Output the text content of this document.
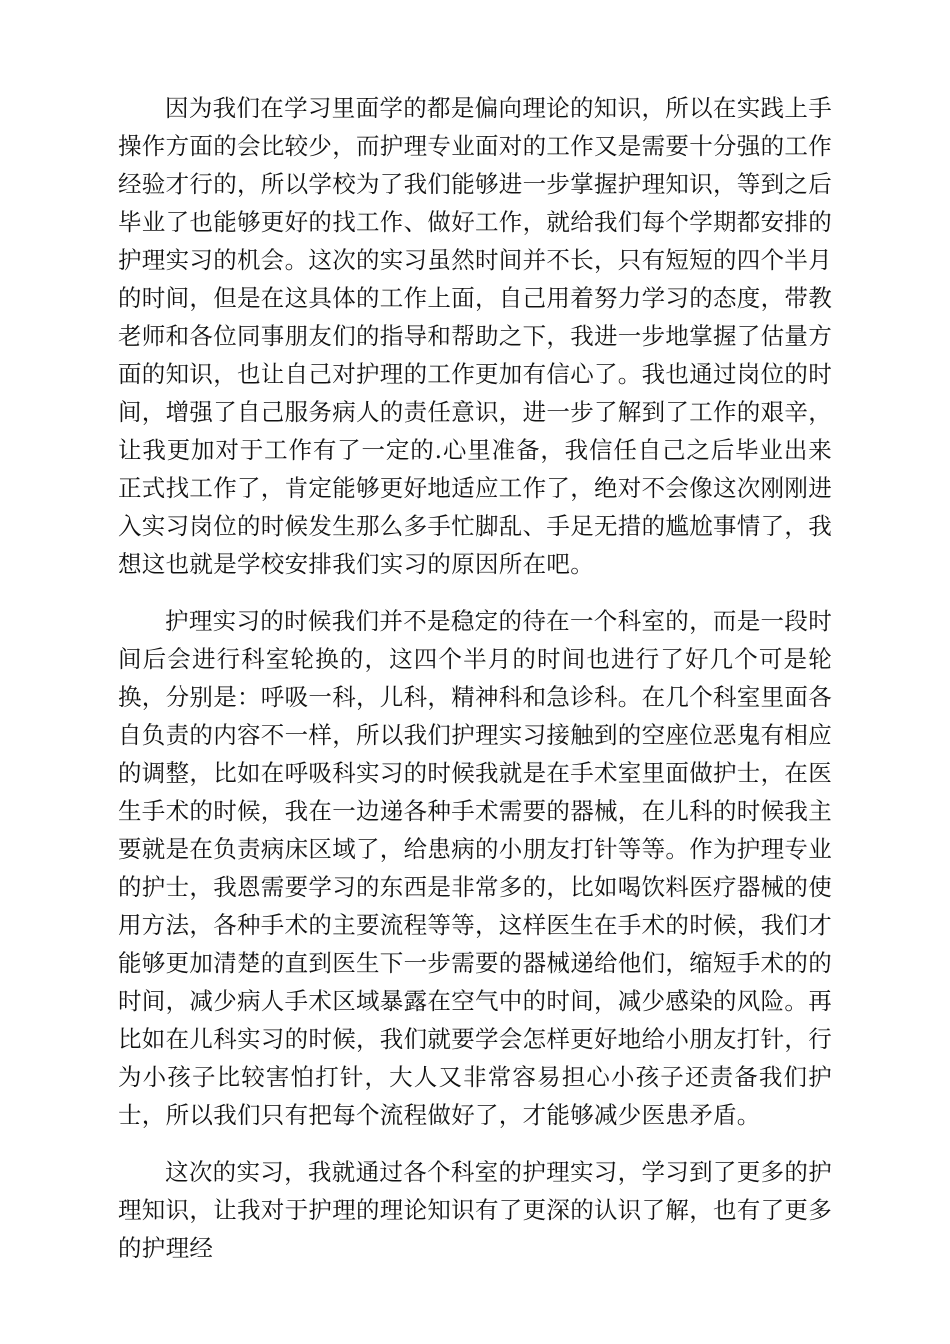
因为我们在学习里面学的都是偏向理论的知识，所以在实践上手操作方面的会比较少，而护理专业面对的工作又是需要十分强的工作经验才行的，所以学校为了我们能够进一步掌握护理知识，等到之后毕业了也能够更好的找工作、做好工作，就给我们每个学期都安排的护理实习的机会。这次的实习虽然时间并不长，只有短短的四个半月的时间，但是在这具体的工作上面，自己用着努力学习的态度，带教老师和各位同事朋友们的指导和帮助之下，我进一步地掌握了估量方面的知识，也让自己对护理的工作更加有信心了。我也通过岗位的时间，增强了自己服务病人的责任意识，进一步了解到了工作的艰辛，让我更加对于工作有了一定的.心里准备，我信任自己之后毕业出来正式找工作了，肯定能够更好地适应工作了，绝对不会像这次刚刚进入实习岗位的时候发生那么多手忙脚乱、手足无措的尴尬事情了，我想这也就是学校安排我们实习的原因所在吧。

护理实习的时候我们并不是稳定的待在一个科室的，而是一段时间后会进行科室轮换的，这四个半月的时间也进行了好几个可是轮换，分别是：呼吸一科，儿科，精神科和急诊科。在几个科室里面各自负责的内容不一样，所以我们护理实习接触到的空座位恶鬼有相应的调整，比如在呼吸科实习的时候我就是在手术室里面做护士，在医生手术的时候，我在一边递各种手术需要的器械，在儿科的时候我主要就是在负责病床区域了，给患病的小朋友打针等等。作为护理专业的护士，我恩需要学习的东西是非常多的，比如喝饮料医疗器械的使用方法，各种手术的主要流程等等，这样医生在手术的时候，我们才能够更加清楚的直到医生下一步需要的器械递给他们，缩短手术的的时间，减少病人手术区域暴露在空气中的时间，减少感染的风险。再比如在儿科实习的时候，我们就要学会怎样更好地给小朋友打针，行为小孩子比较害怕打针，大人又非常容易担心小孩子还责备我们护士，所以我们只有把每个流程做好了，才能够减少医患矛盾。

这次的实习，我就通过各个科室的护理实习，学习到了更多的护理知识，让我对于护理的理论知识有了更深的认识了解，也有了更多的护理经
